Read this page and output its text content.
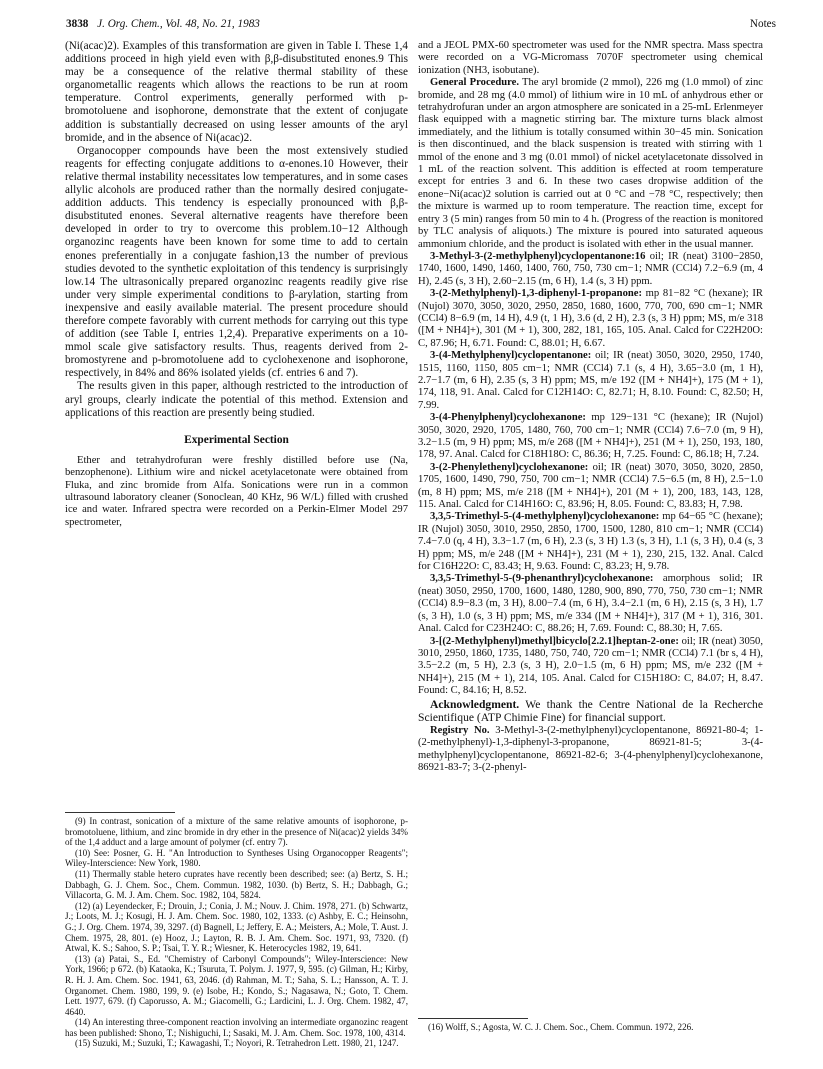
3838 J. Org. Chem., Vol. 48, No. 21, 1983	Notes

(Ni(acac)2). Examples of this transformation are given in Table I. These 1,4 additions proceed in high yield even with β,β-disubstituted enones.9 This may be a consequence of the relative thermal stability of these organometallic reagents which allows the reactions to be run at room temperature. Control experiments, generally performed with p-bromotoluene and isophorone, demonstrate that the extent of conjugate addition is substantially decreased on using lesser amounts of the aryl bromide, and in the absence of Ni(acac)2.

Organocopper compounds have been the most extensively studied reagents for effecting conjugate additions to α-enones.10 However, their relative thermal instability necessitates low temperatures, and in some cases allylic alcohols are produced rather than the normally desired conjugate-addition adducts. This tendency is especially pronounced with β,β-disubstituted enones. Several alternative reagents have therefore been developed in order to try to overcome this problem.10−12 Although organozinc reagents have been known for some time to add to certain enones preferentially in a conjugate fashion,13 the number of previous studies devoted to the synthetic exploitation of this tendency is surprisingly low.14 The ultrasonically prepared organozinc reagents readily give rise under very simple experimental conditions to β-arylation, starting from inexpensive and easily available material. The present procedure should therefore compete favorably with current methods for carrying out this type of addition (see Table I, entries 1,2,4). Preparative experiments on a 10-mmol scale give satisfactory results. Thus, reagents derived from 2-bromostyrene and p-bromotoluene add to cyclohexenone and isophorone, respectively, in 84% and 86% isolated yields (cf. entries 6 and 7).

The results given in this paper, although restricted to the introduction of aryl groups, clearly indicate the potential of this method. Extension and applications of this reaction are presently being studied.

Experimental Section

Ether and tetrahydrofuran were freshly distilled before use (Na, benzophenone). Lithium wire and nickel acetylacetonate were obtained from Fluka, and zinc bromide from Alfa. Sonications were run in a common ultrasound laboratory cleaner (Sonoclean, 40 KHz, 96 W/L) filled with crushed ice and water. Infrared spectra were recorded on a Perkin-Elmer Model 297 spectrometer,

(9) In contrast, sonication of a mixture of the same relative amounts of isophorone, p-bromotoluene, lithium, and zinc bromide in dry ether in the presence of Ni(acac)2 yields 34% of the 1,4 adduct and a large amount of polymer (cf. entry 7).

(10) See: Posner, G. H. "An Introduction to Syntheses Using Organocopper Reagents"; Wiley-Interscience: New York, 1980.

(11) Thermally stable hetero cuprates have recently been described; see: (a) Bertz, S. H.; Dabbagh, G. J. Chem. Soc., Chem. Commun. 1982, 1030. (b) Bertz, S. H.; Dabbagh, G.; Villacorta, G. M. J. Am. Chem. Soc. 1982, 104, 5824.

(12) (a) Leyendecker, F.; Drouin, J.; Conia, J. M.; Nouv. J. Chim. 1978, 271. (b) Schwartz, J.; Loots, M. J.; Kosugi, H. J. Am. Chem. Soc. 1980, 102, 1333. (c) Ashby, E. C.; Heinsohn, G.; J. Org. Chem. 1974, 39, 3297. (d) Bagnell, L; Jeffery, E. A.; Meisters, A.; Mole, T. Aust. J. Chem. 1975, 28, 801. (e) Hooz, J.; Layton, R. B. J. Am. Chem. Soc. 1971, 93, 7320. (f) Atwal, K. S.; Sahoo, S. P.; Tsai, T. Y. R.; Wiesner, K. Heterocycles 1982, 19, 641.

(13) (a) Patai, S., Ed. "Chemistry of Carbonyl Compounds"; Wiley-Interscience: New York, 1966; p 672. (b) Kataoka, K.; Tsuruta, T. Polym. J. 1977, 9, 595. (c) Gilman, H.; Kirby, R. H. J. Am. Chem. Soc. 1941, 63, 2046. (d) Rahman, M. T.; Saha, S. L.; Hansson, A. T. J. Organomet. Chem. 1980, 199, 9. (e) Isobe, H.; Kondo, S.; Nagasawa, N.; Goto, T. Chem. Lett. 1977, 679. (f) Caporusso, A. M.; Giacomelli, G.; Lardicini, L. J. Org. Chem. 1982, 47, 4640.

(14) An interesting three-component reaction involving an intermediate organozinc reagent has been published: Shono, T.; Nishiguchi, I.; Sasaki, M. J. Am. Chem. Soc. 1978, 100, 4314.

(15) Suzuki, M.; Suzuki, T.; Kawagashi, T.; Noyori, R. Tetrahedron Lett. 1980, 21, 1247.

and a JEOL PMX-60 spectrometer was used for the NMR spectra. Mass spectra were recorded on a VG-Micromass 7070F spectrometer using chemical ionization (NH3, isobutane).

General Procedure. The aryl bromide (2 mmol), 226 mg (1.0 mmol) of zinc bromide, and 28 mg (4.0 mmol) of lithium wire in 10 mL of anhydrous ether or tetrahydrofuran under an argon atmosphere are sonicated in a 25-mL Erlenmeyer flask equipped with a magnetic stirring bar. The mixture turns black almost immediately, and the lithium is totally consumed within 30−45 min. Sonication is then discontinued, and the black suspension is treated with stirring with 1 mmol of the enone and 3 mg (0.01 mmol) of nickel acetylacetonate dissolved in 1 mL of the reaction solvent. This addition is effected at room temperature except for entries 3 and 6. In these two cases dropwise addition of the enone−Ni(acac)2 solution is carried out at 0 °C and −78 °C, respectively; then the mixture is warmed up to room temperature. The reaction time, except for entry 3 (5 min) ranges from 50 min to 4 h. (Progress of the reaction is monitored by TLC analysis of aliquots.) The mixture is poured into saturated aqueous ammonium chloride, and the product is isolated with ether in the usual manner.

3-Methyl-3-(2-methylphenyl)cyclopentanone:16 oil; IR (neat) 3100−2850, 1740, 1600, 1490, 1460, 1400, 760, 750, 730 cm−1; NMR (CCl4) 7.2−6.9 (m, 4 H), 2.45 (s, 3 H), 2.60−2.15 (m, 6 H), 1.4 (s, 3 H) ppm.

3-(2-Methylphenyl)-1,3-diphenyl-1-propanone: mp 81−82 °C (hexane); IR (Nujol) 3070, 3050, 3020, 2950, 2850, 1680, 1600, 770, 700, 690 cm−1; NMR (CCl4) 8−6.9 (m, 14 H), 4.9 (t, 1 H), 3.6 (d, 2 H), 2.3 (s, 3 H) ppm; MS, m/e 318 ([M + NH4]+), 301 (M + 1), 300, 282, 181, 165, 105. Anal. Calcd for C22H20O: C, 87.96; H, 6.71. Found: C, 88.01; H, 6.67.

3-(4-Methylphenyl)cyclopentanone: oil; IR (neat) 3050, 3020, 2950, 1740, 1515, 1160, 1150, 805 cm−1; NMR (CCl4) 7.1 (s, 4 H), 3.65−3.0 (m, 1 H), 2.7−1.7 (m, 6 H), 2.35 (s, 3 H) ppm; MS, m/e 192 ([M + NH4]+), 175 (M + 1), 174, 118, 91. Anal. Calcd for C12H14O: C, 82.71; H, 8.10. Found: C, 82.50; H, 7.99.

3-(4-Phenylphenyl)cyclohexanone: mp 129−131 °C (hexane); IR (Nujol) 3050, 3020, 2920, 1705, 1480, 760, 700 cm−1; NMR (CCl4) 7.6−7.0 (m, 9 H), 3.2−1.5 (m, 9 H) ppm; MS, m/e 268 ([M + NH4]+), 251 (M + 1), 250, 193, 180, 178, 97. Anal. Calcd for C18H18O: C, 86.36; H, 7.25. Found: C, 86.18; H, 7.24.

3-(2-Phenylethenyl)cyclohexanone: oil; IR (neat) 3070, 3050, 3020, 2850, 1705, 1600, 1490, 790, 750, 700 cm−1; NMR (CCl4) 7.5−6.5 (m, 8 H), 2.5−1.0 (m, 8 H) ppm; MS, m/e 218 ([M + NH4]+), 201 (M + 1), 200, 183, 143, 128, 115. Anal. Calcd for C14H16O: C, 83.96; H, 8.05. Found: C, 83.83; H, 7.98.

3,3,5-Trimethyl-5-(4-methylphenyl)cyclohexanone: mp 64−65 °C (hexane); IR (Nujol) 3050, 3010, 2950, 2850, 1700, 1500, 1280, 810 cm−1; NMR (CCl4) 7.4−7.0 (q, 4 H), 3.3−1.7 (m, 6 H), 2.3 (s, 3 H) 1.3 (s, 3 H), 1.1 (s, 3 H), 0.4 (s, 3 H) ppm; MS, m/e 248 ([M + NH4]+), 231 (M + 1), 230, 215, 132. Anal. Calcd for C16H22O: C, 83.43; H, 9.63. Found: C, 83.23; H, 9.78.

3,3,5-Trimethyl-5-(9-phenanthryl)cyclohexanone: amorphous solid; IR (neat) 3050, 2950, 1700, 1600, 1480, 1280, 900, 890, 770, 750, 730 cm−1; NMR (CCl4) 8.9−8.3 (m, 3 H), 8.00−7.4 (m, 6 H), 3.4−2.1 (m, 6 H), 2.15 (s, 3 H), 1.7 (s, 3 H), 1.0 (s, 3 H) ppm; MS, m/e 334 ([M + NH4]+), 317 (M + 1), 316, 301. Anal. Calcd for C23H24O: C, 88.26; H, 7.69. Found: C, 88.30; H, 7.65.

3-[(2-Methylphenyl)methyl]bicyclo[2.2.1]heptan-2-one: oil; IR (neat) 3050, 3010, 2950, 1860, 1735, 1480, 750, 740, 720 cm−1; NMR (CCl4) 7.1 (br s, 4 H), 3.5−2.2 (m, 5 H), 2.3 (s, 3 H), 2.0−1.5 (m, 6 H) ppm; MS, m/e 232 ([M + NH4]+), 215 (M + 1), 214, 105. Anal. Calcd for C15H18O: C, 84.07; H, 8.47. Found: C, 84.16; H, 8.52.

Acknowledgment. We thank the Centre National de la Recherche Scientifique (ATP Chimie Fine) for financial support.

Registry No. 3-Methyl-3-(2-methylphenyl)cyclopentanone, 86921-80-4; 1-(2-methylphenyl)-1,3-diphenyl-3-propanone, 86921-81-5; 3-(4-methylphenyl)cyclopentanone, 86921-82-6; 3-(4-phenylphenyl)cyclohexanone, 86921-83-7; 3-(2-phenyl-

(16) Wolff, S.; Agosta, W. C. J. Chem. Soc., Chem. Commun. 1972, 226.
